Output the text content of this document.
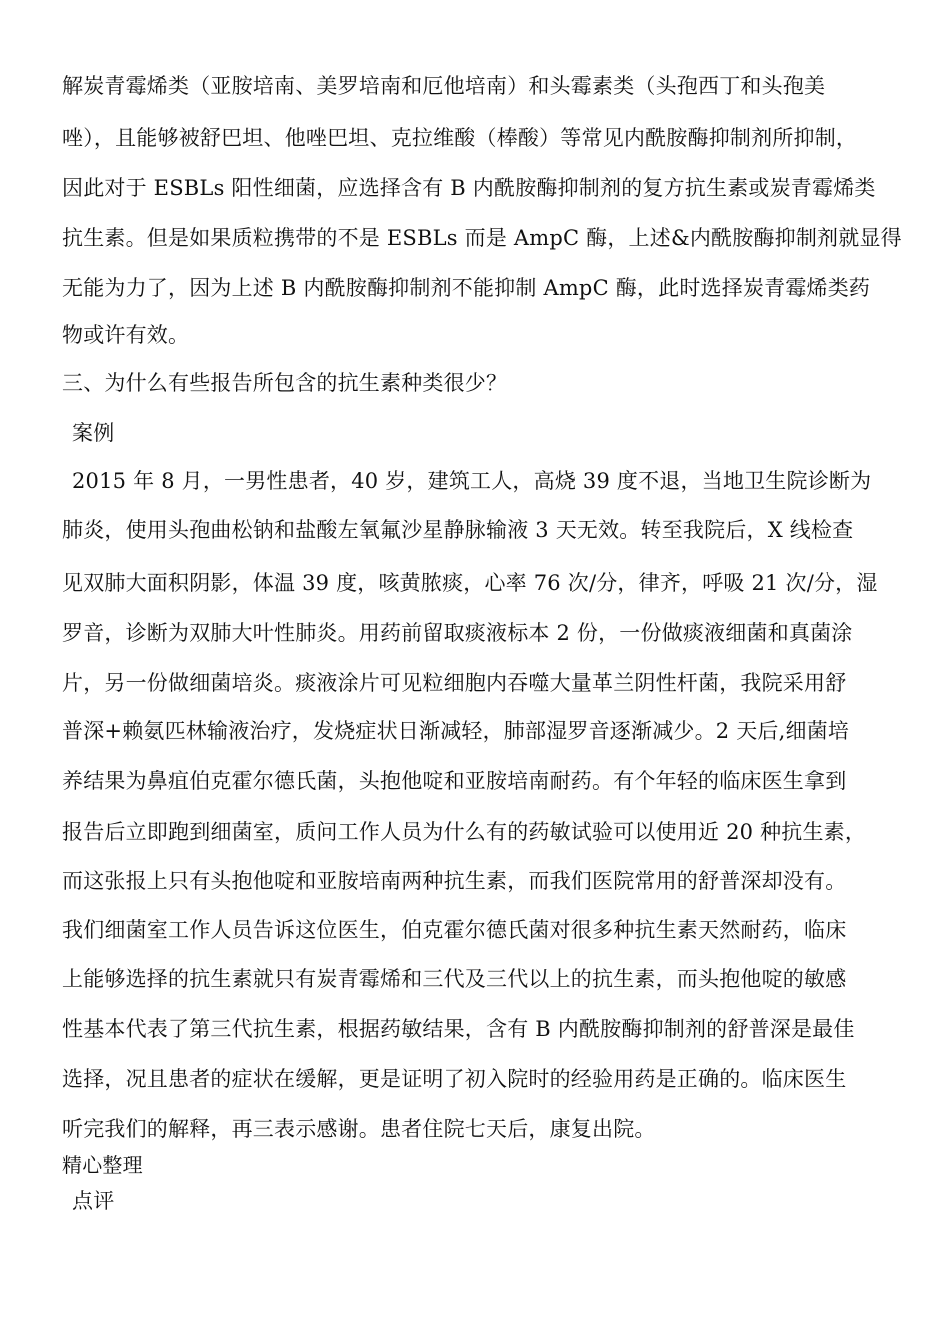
解炭青霉烯类（亚胺培南、美罗培南和厄他培南）和头霉素类（头孢西丁和头孢美
唑），且能够被舒巴坦、他唑巴坦、克拉维酸（棒酸）等常见内酰胺酶抑制剂所抑制，
因此对于 ESBLs 阳性细菌，应选择含有 B 内酰胺酶抑制剂的复方抗生素或炭青霉烯类
抗生素。但是如果质粒携带的不是 ESBLs 而是 AmpC 酶，上述&内酰胺酶抑制剂就显得
无能为力了，因为上述 B 内酰胺酶抑制剂不能抑制 AmpC 酶，此时选择炭青霉烯类药
物或许有效。
三、为什么有些报告所包含的抗生素种类很少？
案例
2015 年 8 月，一男性患者，40 岁，建筑工人，高烧 39 度不退，当地卫生院诊断为
肺炎，使用头孢曲松钠和盐酸左氧氟沙星静脉输液 3 天无效。转至我院后，X 线检查
见双肺大面积阴影，体温 39 度，咳黄脓痰，心率 76 次/分，律齐，呼吸 21 次/分，湿
罗音，诊断为双肺大叶性肺炎。用药前留取痰液标本 2 份，一份做痰液细菌和真菌涂
片，另一份做细菌培炎。痰液涂片可见粒细胞内吞噬大量革兰阴性杆菌，我院采用舒
普深+赖氨匹林输液治疗，发烧症状日渐减轻，肺部湿罗音逐渐减少。2 天后,细菌培
养结果为鼻疽伯克霍尔德氏菌，头抱他啶和亚胺培南耐药。有个年轻的临床医生拿到
报告后立即跑到细菌室，质问工作人员为什么有的药敏试验可以使用近 20 种抗生素，
而这张报上只有头抱他啶和亚胺培南两种抗生素，而我们医院常用的舒普深却没有。
我们细菌室工作人员告诉这位医生，伯克霍尔德氏菌对很多种抗生素天然耐药，临床
上能够选择的抗生素就只有炭青霉烯和三代及三代以上的抗生素，而头抱他啶的敏感
性基本代表了第三代抗生素，根据药敏结果，含有 B 内酰胺酶抑制剂的舒普深是最佳
选择，况且患者的症状在缓解，更是证明了初入院时的经验用药是正确的。临床医生
听完我们的解释，再三表示感谢。患者住院七天后，康复出院。
精心整理
点评
